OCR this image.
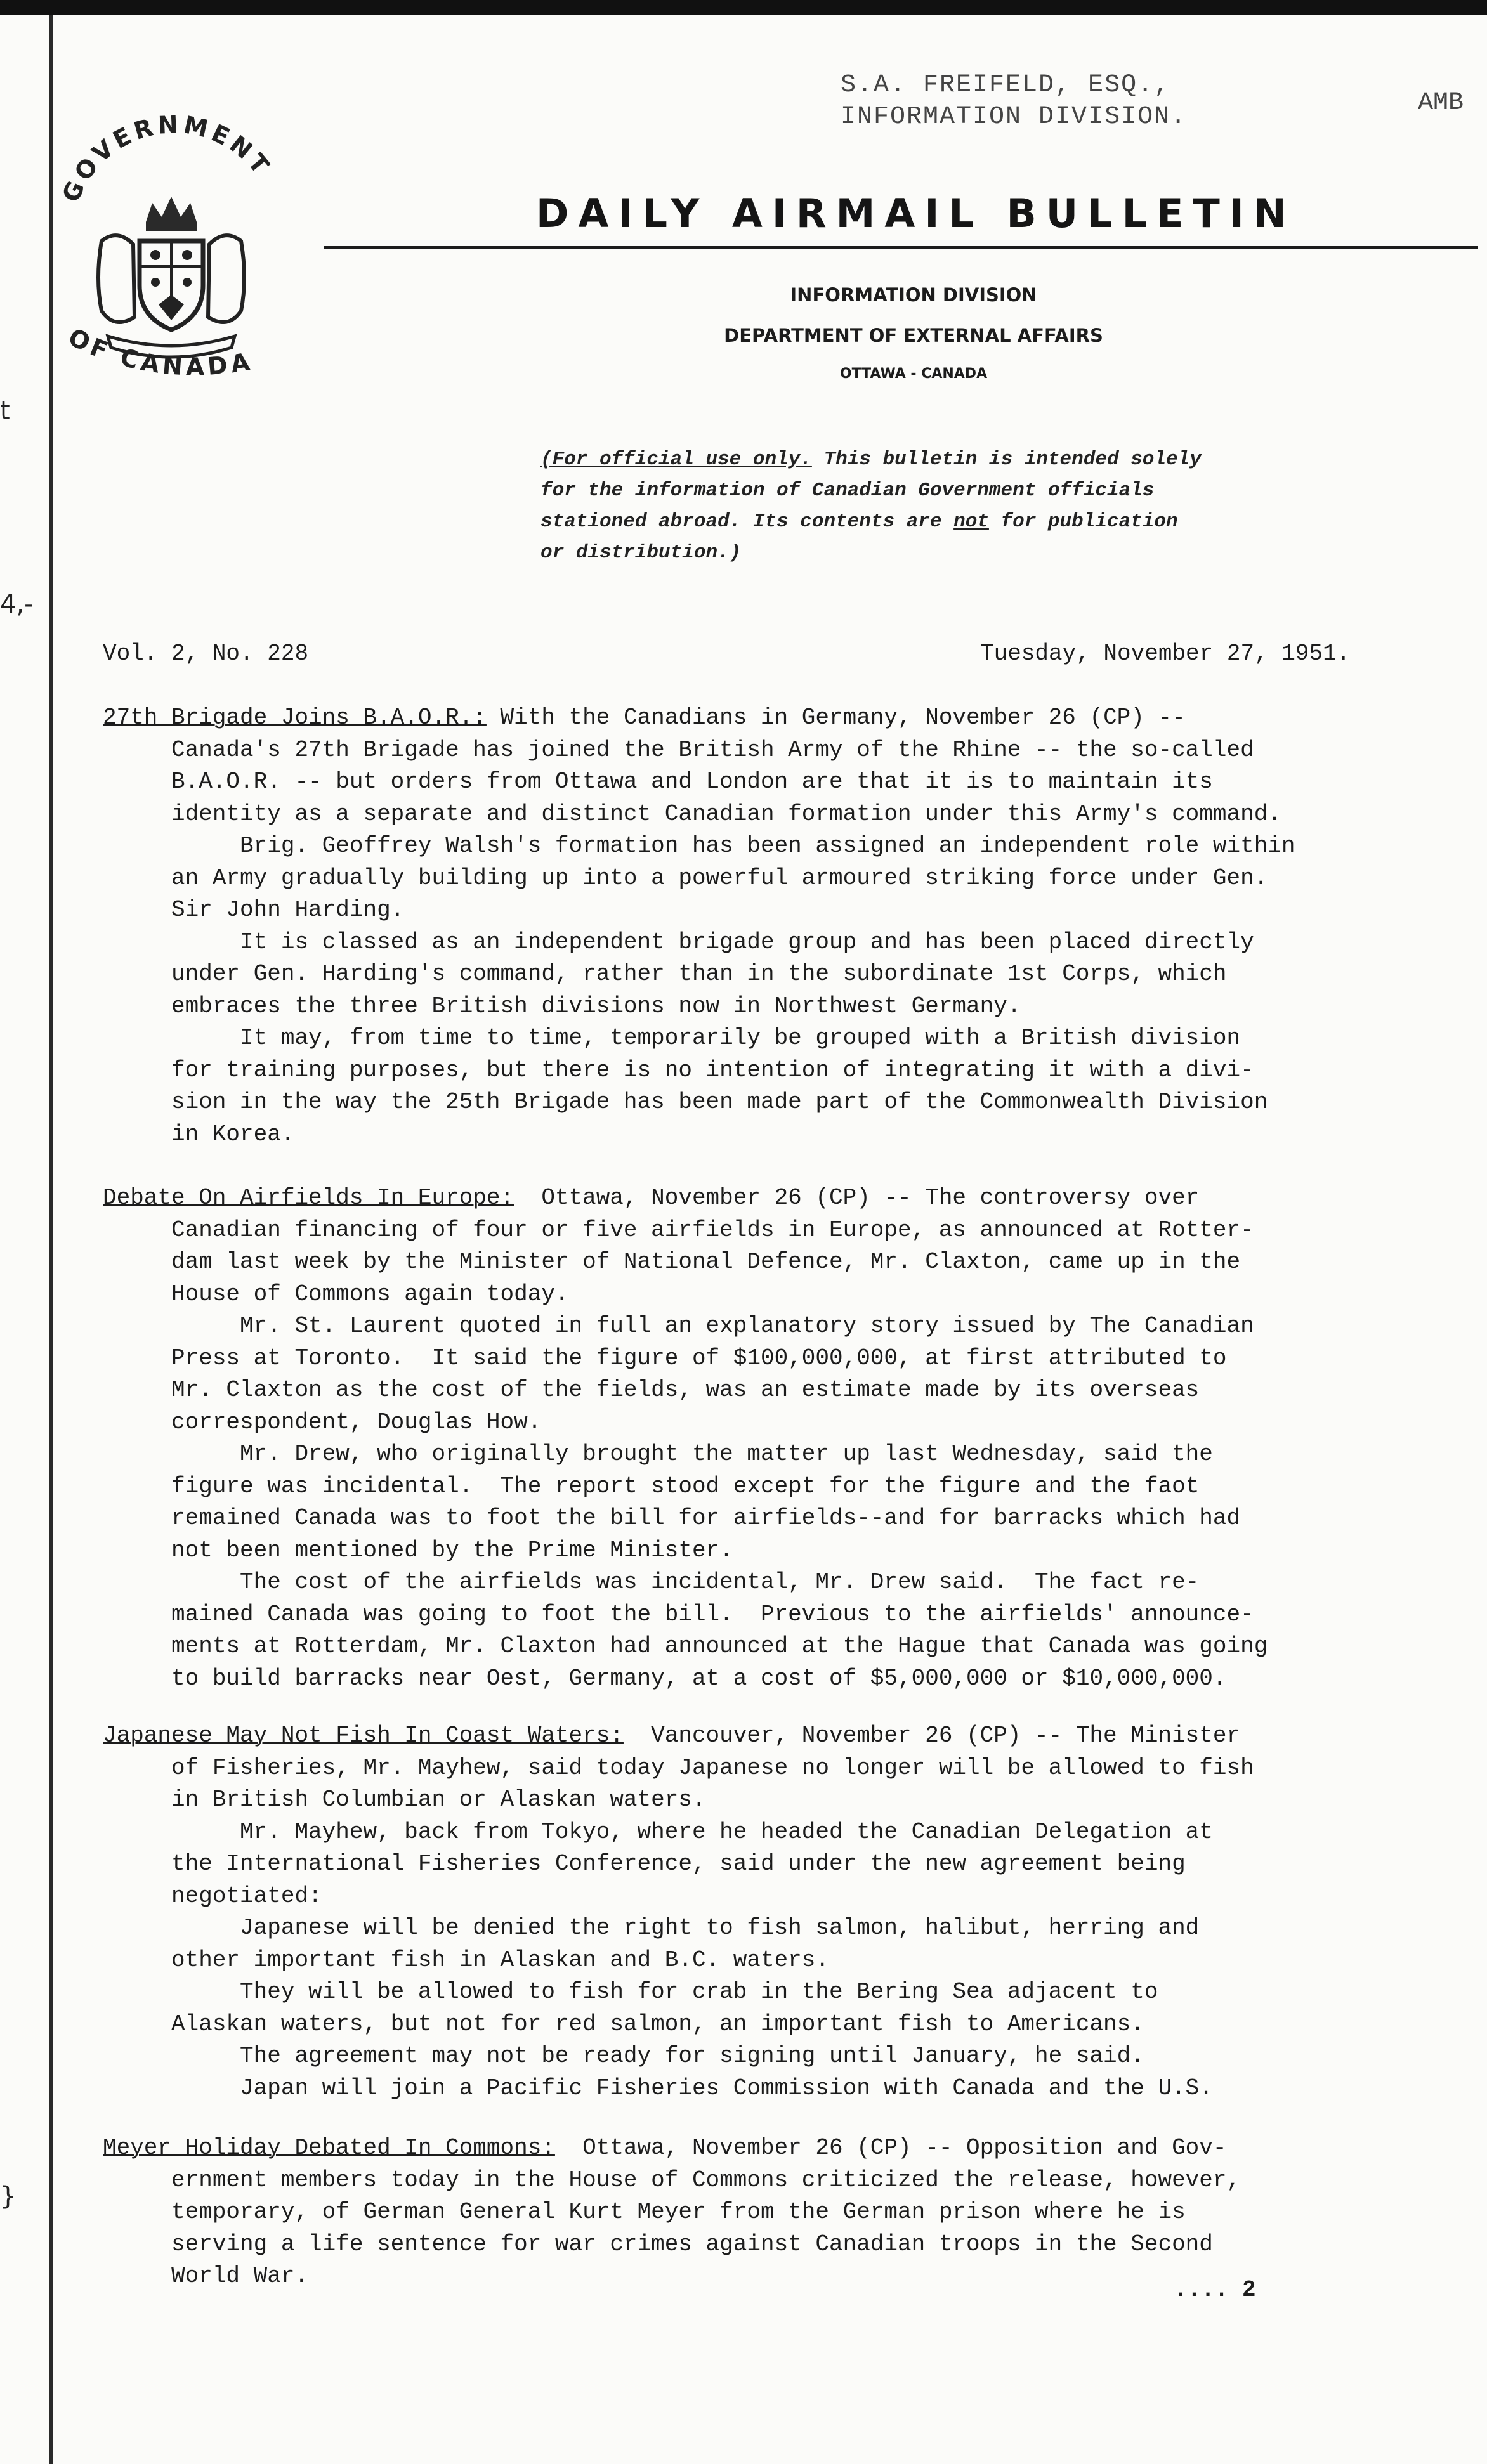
t
4,-
}
OVERNMENT
OF CANADA
S.A. FREIFELD, ESQ.,
INFORMATION DIVISION.	AMB
DAILY AIRMAIL BULLETIN
INFORMATION DIVISION
DEPARTMENT OF EXTERNAL AFFAIRS
OTTAWA - CANADA
(For official use only. This bulletin is intended solely
for the information of Canadian Government officials
stationed abroad. Its contents are not for publication
or distribution.)
Vol. 2, No. 228	Tuesday, November 27, 1951.

27th Brigade Joins B.A.O.R.: With the Canadians in Germany, November 26 (CP) --

Canada's 27th Brigade has joined the British Army of the Rhine -- the so-called

B.A.O.R. -- but orders from Ottawa and London are that it is to maintain its

identity as a separate and distinct Canadian formation under this Army's command.

Brig. Geoffrey Walsh's formation has been assigned an independent role within

an Army gradually building up into a powerful armoured striking force under Gen.

Sir John Harding.

It is classed as an independent brigade group and has been placed directly

under Gen. Harding's command, rather than in the subordinate 1st Corps, which

embraces the three British divisions now in Northwest Germany.

It may, from time to time, temporarily be grouped with a British division

for training purposes, but there is no intention of integrating it with a divi-

sion in the way the 25th Brigade has been made part of the Commonwealth Division

in Korea.

Debate On Airfields In Europe:  Ottawa, November 26 (CP) -- The controversy over

Canadian financing of four or five airfields in Europe, as announced at Rotter-

dam last week by the Minister of National Defence, Mr. Claxton, came up in the

House of Commons again today.

Mr. St. Laurent quoted in full an explanatory story issued by The Canadian

Press at Toronto.  It said the figure of $100,000,000, at first attributed to

Mr. Claxton as the cost of the fields, was an estimate made by its overseas

correspondent, Douglas How.

Mr. Drew, who originally brought the matter up last Wednesday, said the

figure was incidental.  The report stood except for the figure and the faot

remained Canada was to foot the bill for airfields--and for barracks which had

not been mentioned by the Prime Minister.

The cost of the airfields was incidental, Mr. Drew said.  The fact re-

mained Canada was going to foot the bill.  Previous to the airfields' announce-

ments at Rotterdam, Mr. Claxton had announced at the Hague that Canada was going

to build barracks near Oest, Germany, at a cost of $5,000,000 or $10,000,000.

Japanese May Not Fish In Coast Waters:  Vancouver, November 26 (CP) -- The Minister

of Fisheries, Mr. Mayhew, said today Japanese no longer will be allowed to fish

in British Columbian or Alaskan waters.

Mr. Mayhew, back from Tokyo, where he headed the Canadian Delegation at

the International Fisheries Conference, said under the new agreement being

negotiated:

Japanese will be denied the right to fish salmon, halibut, herring and

other important fish in Alaskan and B.C. waters.

They will be allowed to fish for crab in the Bering Sea adjacent to

Alaskan waters, but not for red salmon, an important fish to Americans.

The agreement may not be ready for signing until January, he said.

Japan will join a Pacific Fisheries Commission with Canada and the U.S.

Meyer Holiday Debated In Commons:  Ottawa, November 26 (CP) -- Opposition and Gov-

ernment members today in the House of Commons criticized the release, however,

temporary, of German General Kurt Meyer from the German prison where he is

serving a life sentence for war crimes against Canadian troops in the Second

World War.

.... 2
